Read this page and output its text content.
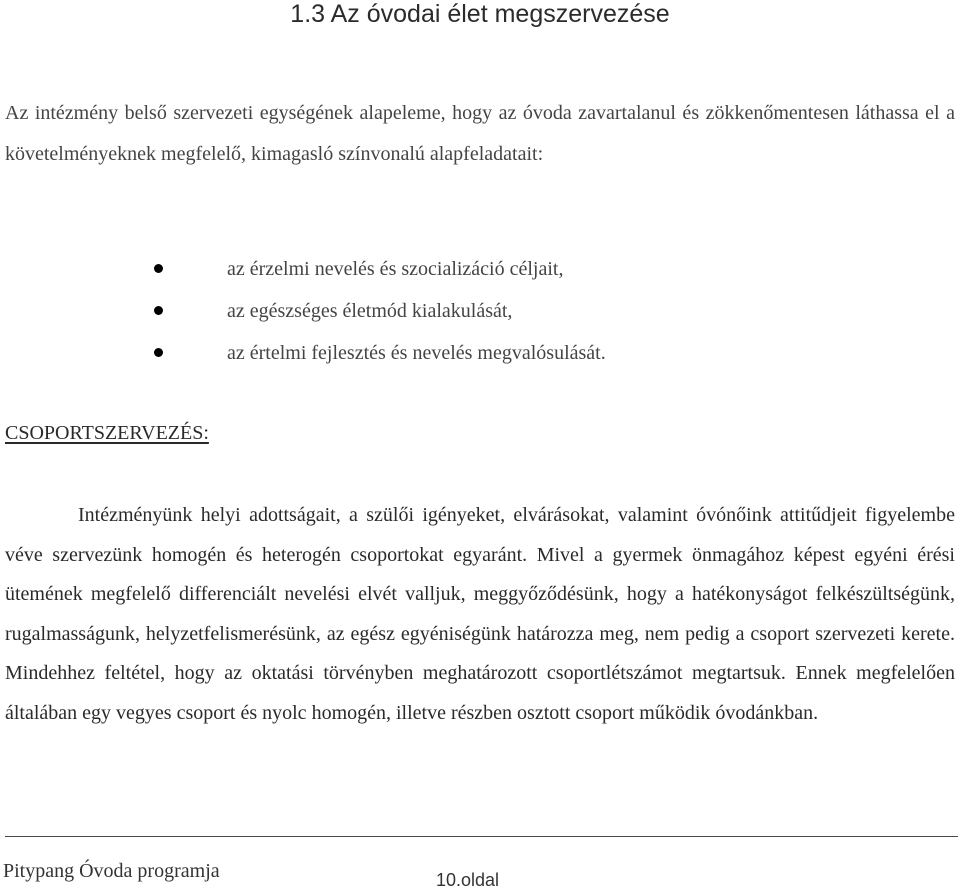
1.3 Az óvodai élet megszervezése

Az intézmény belső szervezeti egységének alapeleme, hogy az óvoda zavartalanul és zökkenőmentesen láthassa el a követelményeknek megfelelő, kimagasló színvonalú alapfeladatait:

az érzelmi nevelés és szocializáció céljait,
az egészséges életmód kialakulását,
az értelmi fejlesztés és nevelés megvalósulását.
CSOPORTSZERVEZÉS:

Intézményünk helyi adottságait, a szülői igényeket, elvárásokat, valamint óvónőink attitűdjeit figyelembe véve szervezünk homogén és heterogén csoportokat egyaránt. Mivel a gyermek önmagához képest egyéni érési ütemének megfelelő differenciált nevelési elvét valljuk, meggyőződésünk, hogy a hatékonyságot felkészültségünk, rugalmasságunk, helyzetfelismerésünk, az egész egyéniségünk határozza meg, nem pedig a csoport szervezeti kerete. Mindehhez feltétel, hogy az oktatási törvényben meghatározott csoportlétszámot megtartsuk. Ennek megfelelően általában egy vegyes csoport és nyolc homogén, illetve részben osztott csoport működik óvodánkban.

Pitypang Óvoda programja	10.oldal
